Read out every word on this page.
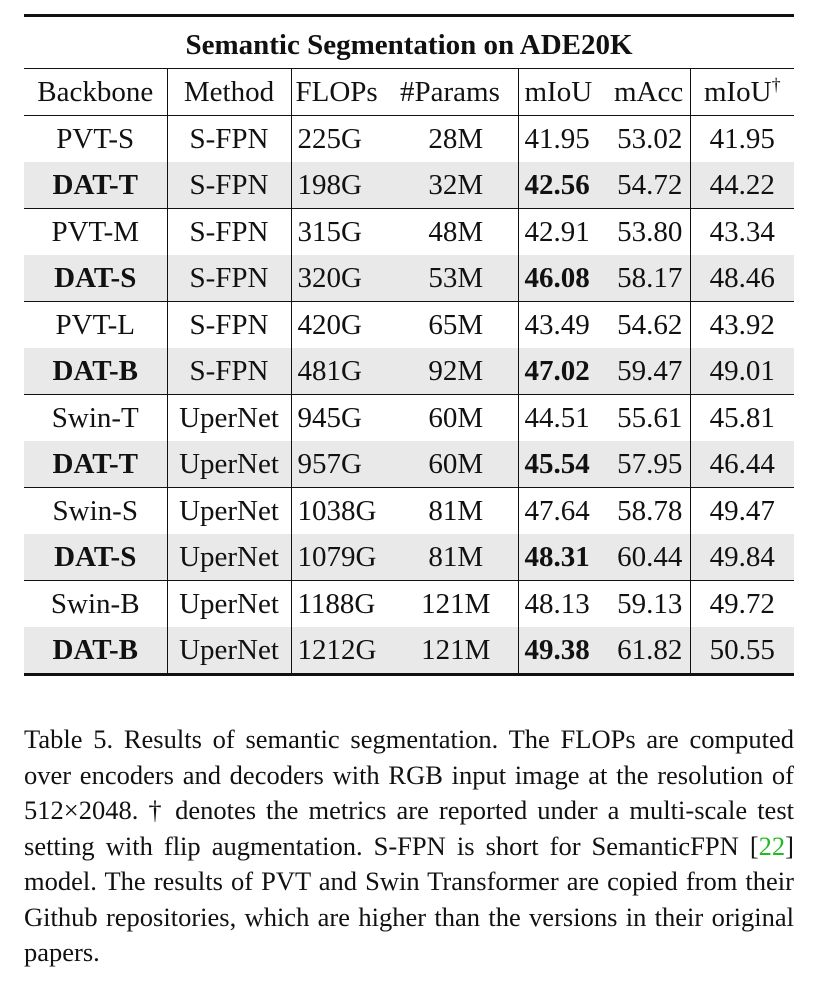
Semantic Segmentation on ADE20K						
Backbone	Method	FLOPs	#Params	mIoU	mAcc	mIoU†
PVT-S	S-FPN	225G	28M	41.95	53.02	41.95
DAT-T	S-FPN	198G	32M	42.56	54.72	44.22
PVT-M	S-FPN	315G	48M	42.91	53.80	43.34
DAT-S	S-FPN	320G	53M	46.08	58.17	48.46
PVT-L	S-FPN	420G	65M	43.49	54.62	43.92
DAT-B	S-FPN	481G	92M	47.02	59.47	49.01
Swin-T	UperNet	945G	60M	44.51	55.61	45.81
DAT-T	UperNet	957G	60M	45.54	57.95	46.44
Swin-S	UperNet	1038G	81M	47.64	58.78	49.47
DAT-S	UperNet	1079G	81M	48.31	60.44	49.84
Swin-B	UperNet	1188G	121M	48.13	59.13	49.72
DAT-B	UperNet	1212G	121M	49.38	61.82	50.55
Table 5. Results of semantic segmentation. The FLOPs are computed over encoders and decoders with RGB input image at the resolution of 512×2048. † denotes the metrics are reported under a multi-scale test setting with flip augmentation. S-FPN is short for SemanticFPN [22] model. The results of PVT and Swin Transformer are copied from their Github repositories, which are higher than the versions in their original papers.
